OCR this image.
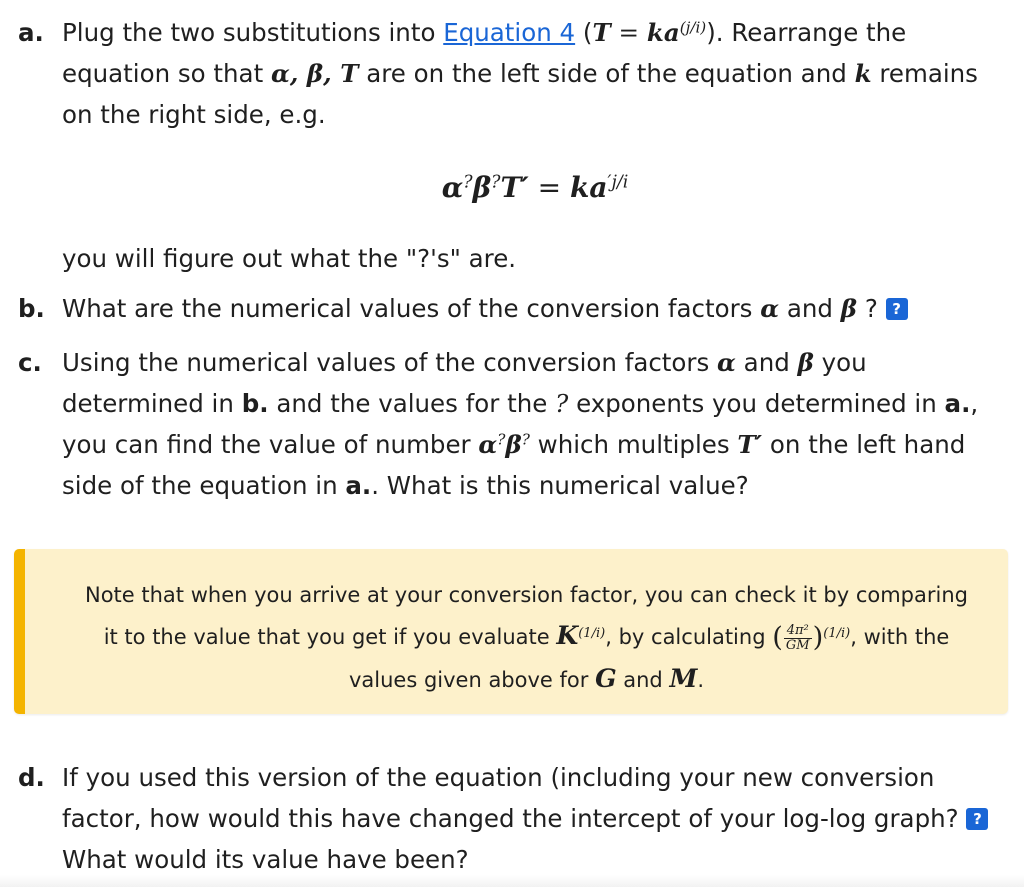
a. Plug the two substitutions into Equation 4 $(T = ka^{(j/i)})$. Rearrange the equation so that α, β, T are on the left side of the equation and k remains on the right side, e.g.
$\alpha^?\beta^?T' = ka^{'j/i}$
you will figure out what the "?'s" are.
b. What are the numerical values of the conversion factors α and β ? ?
c. Using the numerical values of the conversion factors α and β you determined in b. and the values for the ? exponents you determined in a., you can find the value of number α?β? which multiples T′ on the left hand side of the equation in a.. What is this numerical value?
Note that when you arrive at your conversion factor, you can check it by comparing it to the value that you get if you evaluate $K^{(1/i)}$, by calculating ( $\frac{\text{4π²}}{GM} )^{(1/i)}$, with the values given above for G and M.
d. If you used this version of the equation (including your new conversion factor, how would this have changed the intercept of your log-log graph? ? What would its value have been?
